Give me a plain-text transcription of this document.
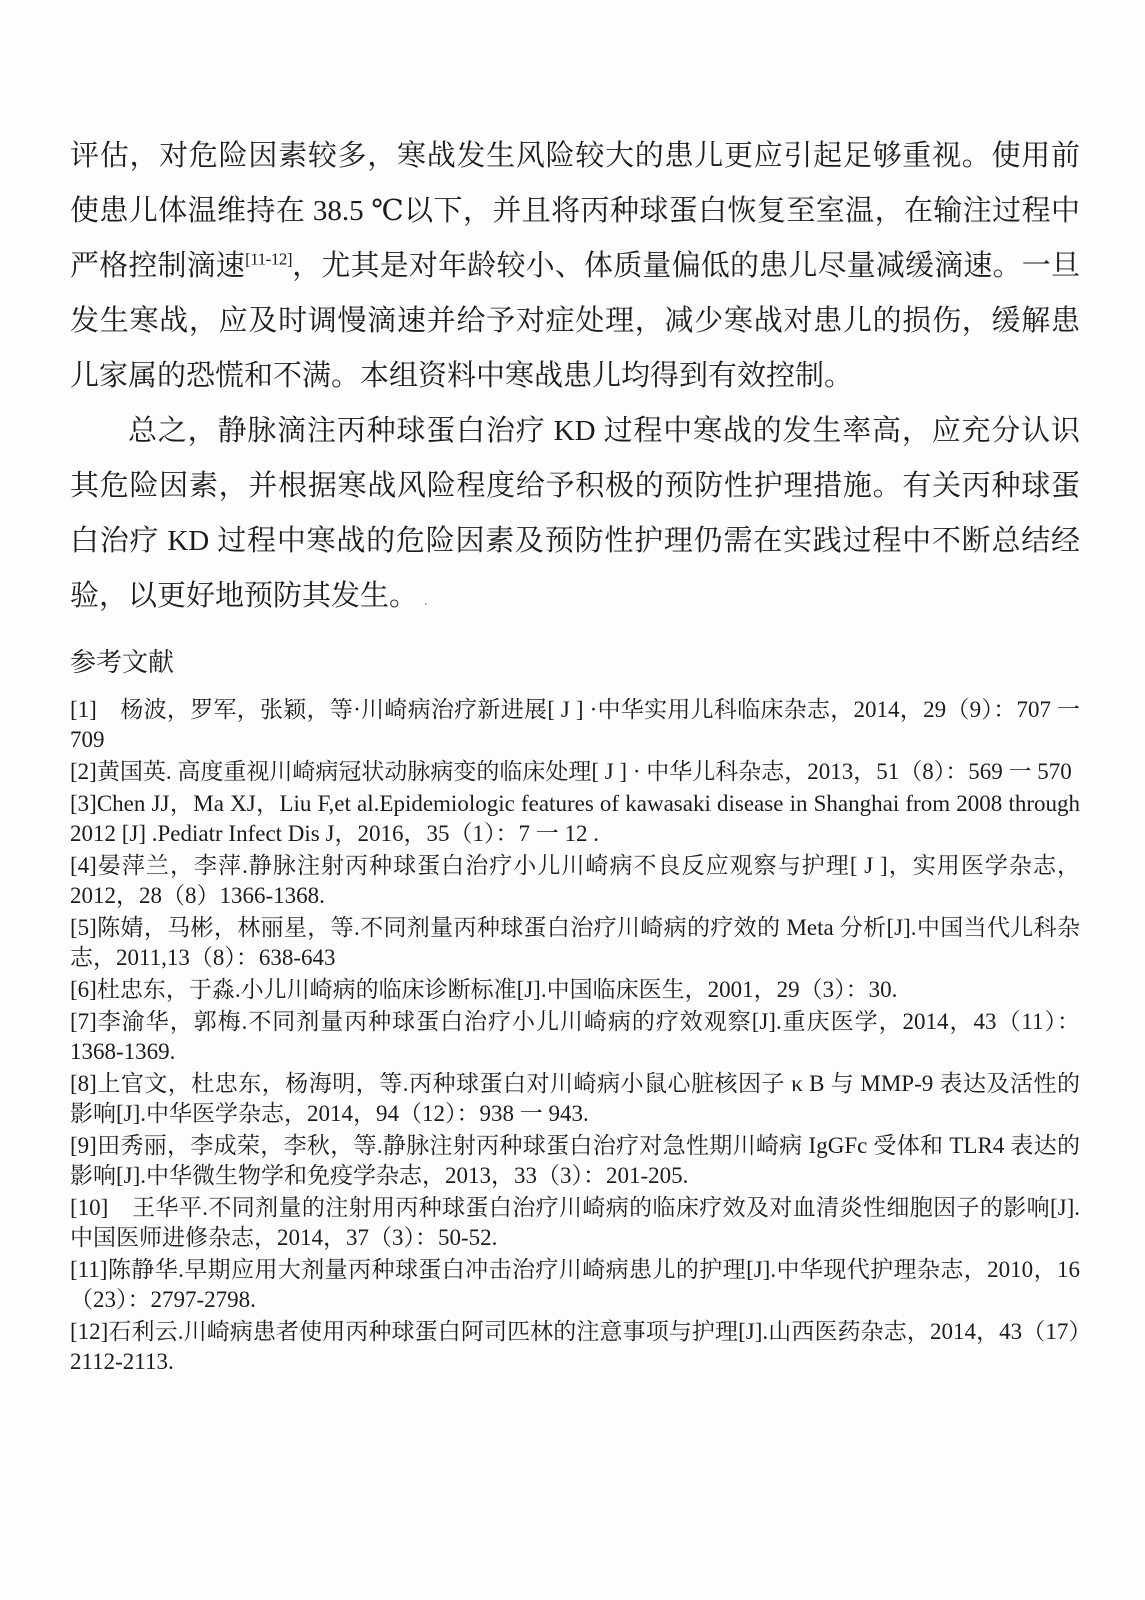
评估，对危险因素较多，寒战发生风险较大的患儿更应引起足够重视。使用前使患儿体温维持在 38.5 ℃以下，并且将丙种球蛋白恢复至室温，在输注过程中严格控制滴速[11-12]，尤其是对年龄较小、体质量偏低的患儿尽量减缓滴速。一旦发生寒战，应及时调慢滴速并给予对症处理，减少寒战对患儿的损伤，缓解患儿家属的恐慌和不满。本组资料中寒战患儿均得到有效控制。

总之，静脉滴注丙种球蛋白治疗 KD 过程中寒战的发生率高，应充分认识其危险因素，并根据寒战风险程度给予积极的预防性护理措施。有关丙种球蛋白治疗 KD 过程中寒战的危险因素及预防性护理仍需在实践过程中不断总结经验，以更好地预防其发生。 .

参考文献
[1]　杨波，罗军，张颖，等·川崎病治疗新进展[ J ] ·中华实用儿科临床杂志，2014，29（9）：707 一 709
[2]黄国英. 高度重视川崎病冠状动脉病变的临床处理[ J ] · 中华儿科杂志，2013，51（8）：569 一 570
[3]Chen JJ，Ma XJ，Liu F,et al.Epidemiologic features of kawasaki disease in Shanghai from 2008 through 2012 [J] .Pediatr Infect Dis J，2016，35（1）：7 一 12 .
[4]晏萍兰，李萍.静脉注射丙种球蛋白治疗小儿川崎病不良反应观察与护理[ J ]，实用医学杂志，2012，28（8）1366-1368.
[5]陈婧，马彬，林丽星，等.不同剂量丙种球蛋白治疗川崎病的疗效的 Meta 分析[J].中国当代儿科杂志，2011,13（8）：638-643
[6]杜忠东，于淼.小儿川崎病的临床诊断标准[J].中国临床医生，2001，29（3）：30.
[7]李渝华，郭梅.不同剂量丙种球蛋白治疗小儿川崎病的疗效观察[J].重庆医学，2014，43（11）：1368-1369.
[8]上官文，杜忠东，杨海明，等.丙种球蛋白对川崎病小鼠心脏核因子 κ B 与 MMP-9 表达及活性的影响[J].中华医学杂志，2014，94（12）：938 一 943.
[9]田秀丽，李成荣，李秋，等.静脉注射丙种球蛋白治疗对急性期川崎病 IgGFc 受体和 TLR4 表达的影响[J].中华微生物学和免疫学杂志，2013，33（3）：201-205.
[10]　王华平.不同剂量的注射用丙种球蛋白治疗川崎病的临床疗效及对血清炎性细胞因子的影响[J].中国医师进修杂志，2014，37（3）：50-52.
[11]陈静华.早期应用大剂量丙种球蛋白冲击治疗川崎病患儿的护理[J].中华现代护理杂志，2010，16（23）：2797-2798.
[12]石利云.川崎病患者使用丙种球蛋白阿司匹林的注意事项与护理[J].山西医药杂志，2014，43（17）2112-2113.
